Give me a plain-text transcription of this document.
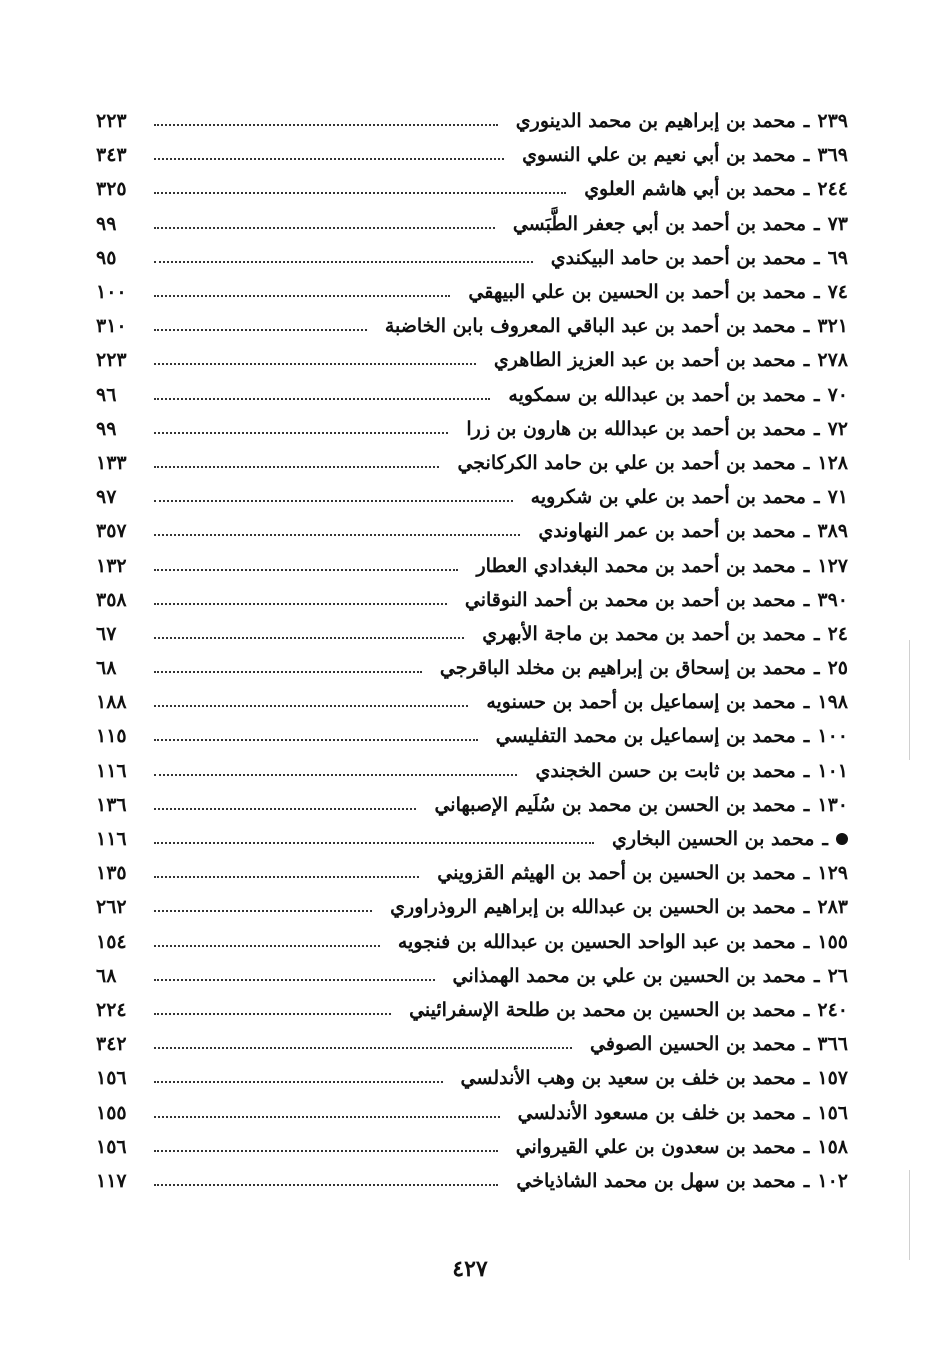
٢٣٩
ـ
محمد بن إبراهيم بن محمد الدينوري
٢٢٣
٣٦٩
ـ
محمد بن أبي نعيم بن علي النسوي
٣٤٣
٢٤٤
ـ
محمد بن أبي هاشم العلوي
٣٢٥
٧٣
ـ
محمد بن أحمد بن أبي جعفر الطَّبَسي
٩٩
٦٩
ـ
محمد بن أحمد بن حامد البيكندي
٩٥
٧٤
ـ
محمد بن أحمد بن الحسين بن علي البيهقي
١٠٠
٣٢١
ـ
محمد بن أحمد بن عبد الباقي المعروف بابن الخاضبة
٣١٠
٢٧٨
ـ
محمد بن أحمد بن عبد العزيز الطاهري
٢٢٣
٧٠
ـ
محمد بن أحمد بن عبدالله بن سمكويه
٩٦
٧٢
ـ
محمد بن أحمد بن عبدالله بن هارون بن زرا
٩٩
١٢٨
ـ
محمد بن أحمد بن علي بن حامد الكركانجي
١٣٣
٧١
ـ
محمد بن أحمد بن علي بن شكرويه
٩٧
٣٨٩
ـ
محمد بن أحمد بن عمر النهاوندي
٣٥٧
١٢٧
ـ
محمد بن أحمد بن محمد البغدادي العطار
١٣٢
٣٩٠
ـ
محمد بن أحمد بن محمد بن أحمد النوقاني
٣٥٨
٢٤
ـ
محمد بن أحمد بن محمد بن ماجة الأبهري
٦٧
٢٥
ـ
محمد بن إسحاق بن إبراهيم بن مخلد الباقرجي
٦٨
١٩٨
ـ
محمد بن إسماعيل بن أحمد بن حسنويه
١٨٨
١٠٠
ـ
محمد بن إسماعيل بن محمد التفليسي
١١٥
١٠١
ـ
محمد بن ثابت بن حسن الخجندي
١١٦
١٣٠
ـ
محمد بن الحسن بن محمد بن سُلَيم الإصبهاني
١٣٦
ـ
محمد بن الحسين البخاري
١١٦
١٢٩
ـ
محمد بن الحسين بن أحمد بن الهيثم القزويني
١٣٥
٢٨٣
ـ
محمد بن الحسين بن عبدالله بن إبراهيم الروذراوري
٢٦٢
١٥٥
ـ
محمد بن عبد الواحد الحسين بن عبدالله بن فنجويه
١٥٤
٢٦
ـ
محمد بن الحسين بن علي بن محمد الهمذاني
٦٨
٢٤٠
ـ
محمد بن الحسين بن محمد بن طلحة الإسفرائيني
٢٢٤
٣٦٦
ـ
محمد بن الحسين الصوفي
٣٤٢
١٥٧
ـ
محمد بن خلف بن سعيد بن وهب الأندلسي
١٥٦
١٥٦
ـ
محمد بن خلف بن مسعود الأندلسي
١٥٥
١٥٨
ـ
محمد بن سعدون بن علي القيرواني
١٥٦
١٠٢
ـ
محمد بن سهل بن محمد الشاذياخي
١١٧
٤٢٧
